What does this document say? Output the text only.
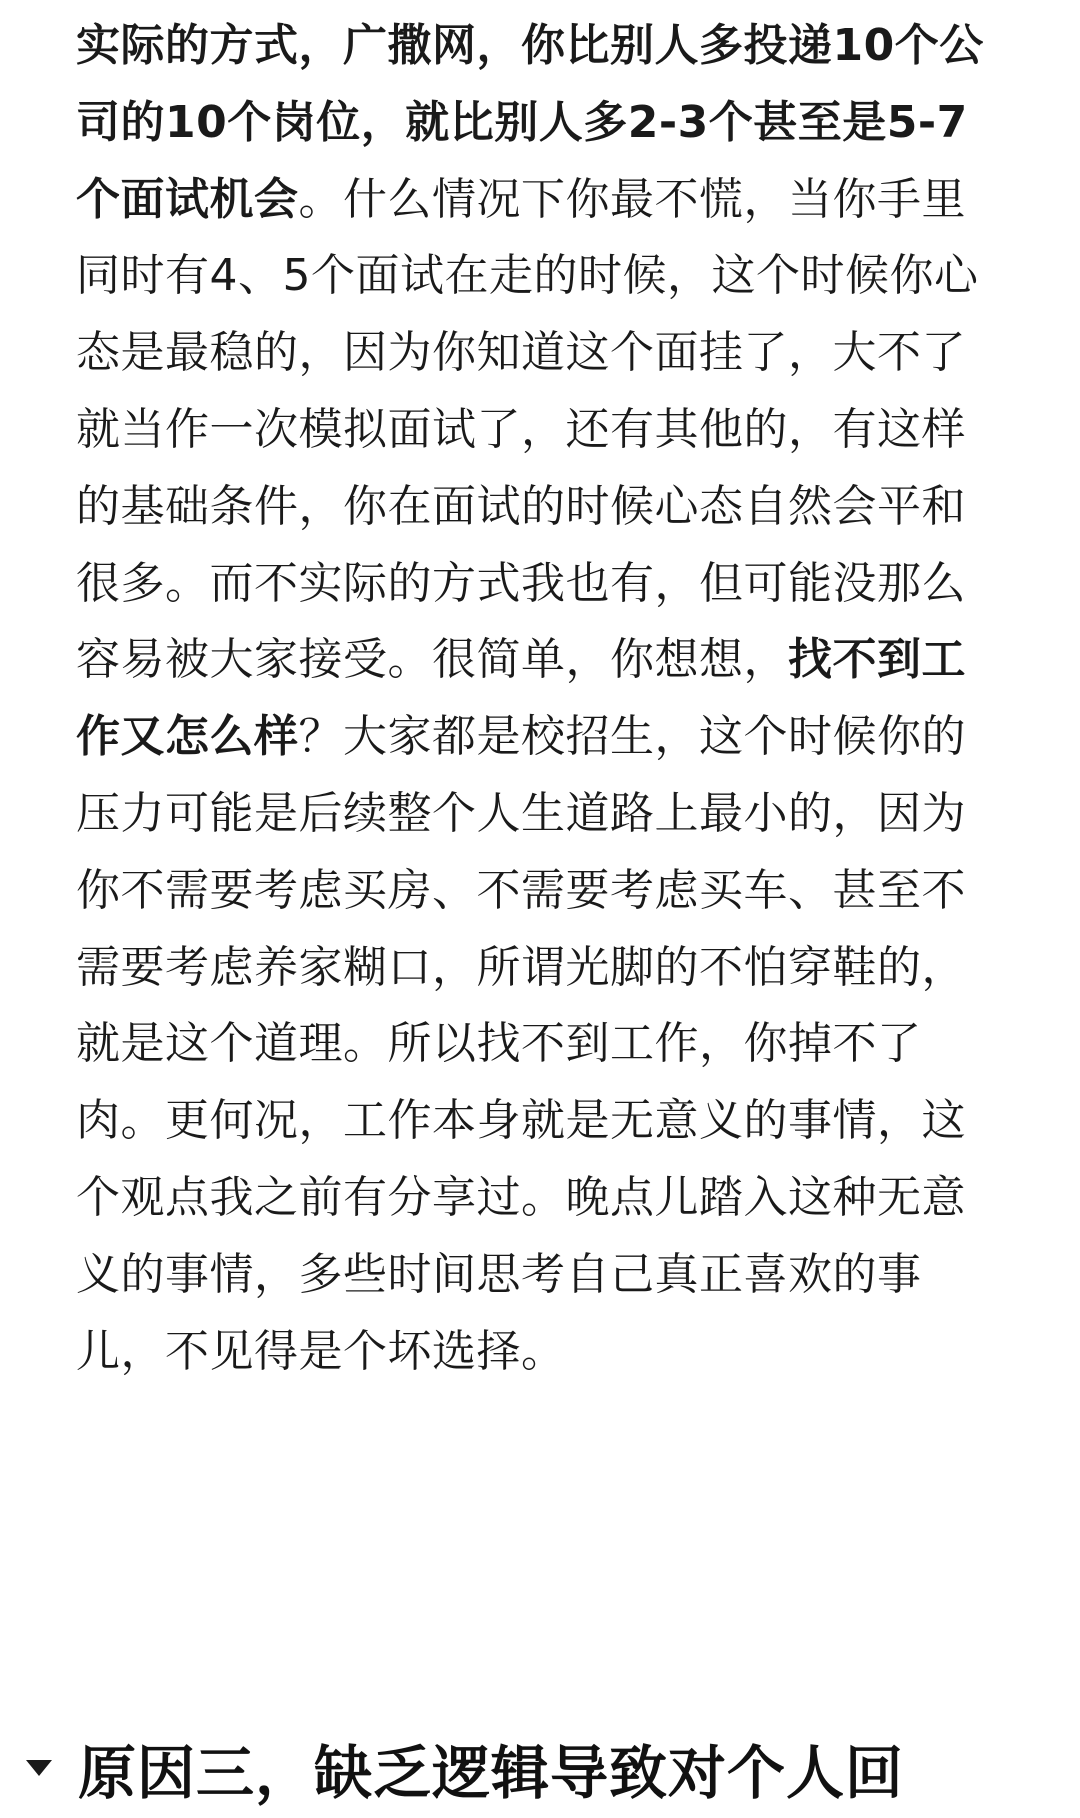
实际的方式，广撒网，你比别人多投递10个公司的10个岗位，就比别人多2-3个甚至是5-7个面试机会。什么情况下你最不慌，当你手里同时有4、5个面试在走的时候，这个时候你心态是最稳的，因为你知道这个面挂了，大不了就当作一次模拟面试了，还有其他的，有这样的基础条件，你在面试的时候心态自然会平和很多。而不实际的方式我也有，但可能没那么容易被大家接受。很简单，你想想，找不到工作又怎么样？大家都是校招生，这个时候你的压力可能是后续整个人生道路上最小的，因为你不需要考虑买房、不需要考虑买车、甚至不需要考虑养家糊口，所谓光脚的不怕穿鞋的，就是这个道理。所以找不到工作，你掉不了肉。更何况，工作本身就是无意义的事情，这个观点我之前有分享过。晚点儿踏入这种无意义的事情，多些时间思考自己真正喜欢的事儿，不见得是个坏选择。

原因三，缺乏逻辑导致对个人回
